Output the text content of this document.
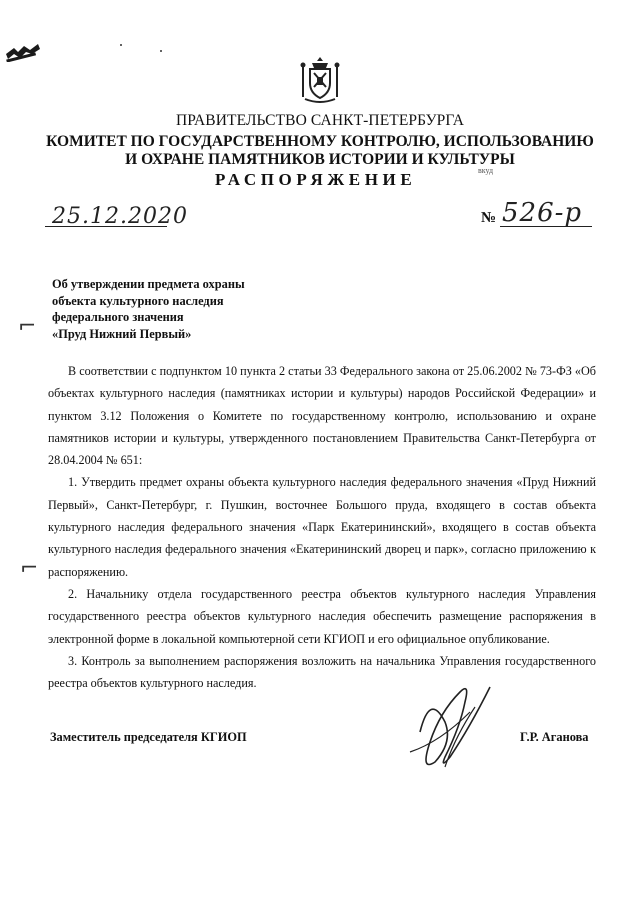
ПРАВИТЕЛЬСТВО САНКТ-ПЕТЕРБУРГА
КОМИТЕТ ПО ГОСУДАРСТВЕННОМУ КОНТРОЛЮ, ИСПОЛЬЗОВАНИЮ
И ОХРАНЕ ПАМЯТНИКОВ ИСТОРИИ И КУЛЬТУРЫ
РАСПОРЯЖЕНИЕ	вкуд
25.12.2020	№ 526-р
Об утверждении предмета охраны
объекта культурного наследия
федерального значения
«Пруд Нижний Первый»
⌐
⌐

В соответствии с подпунктом 10 пункта 2 статьи 33 Федерального закона от 25.06.2002 № 73-ФЗ «Об объектах культурного наследия (памятниках истории и культуры) народов Российской Федерации» и пунктом 3.12 Положения о Комитете по государственному контролю, использованию и охране памятников истории и культуры, утвержденного постановлением Правительства Санкт-Петербурга от 28.04.2004 № 651:

1. Утвердить предмет охраны объекта культурного наследия федерального значения «Пруд Нижний Первый», Санкт-Петербург, г. Пушкин, восточнее Большого пруда, входящего в состав объекта культурного наследия федерального значения «Парк Екатерининский», входящего в состав объекта культурного наследия федерального значения «Екатерининский дворец и парк», согласно приложению к распоряжению.

2. Начальнику отдела государственного реестра объектов культурного наследия Управления государственного реестра объектов культурного наследия обеспечить размещение распоряжения в электронной форме в локальной компьютерной сети КГИОП и его официальное опубликование.

3. Контроль за выполнением распоряжения возложить на начальника Управления государственного реестра объектов культурного наследия.

Заместитель председателя КГИОП	Г.Р. Аганова
